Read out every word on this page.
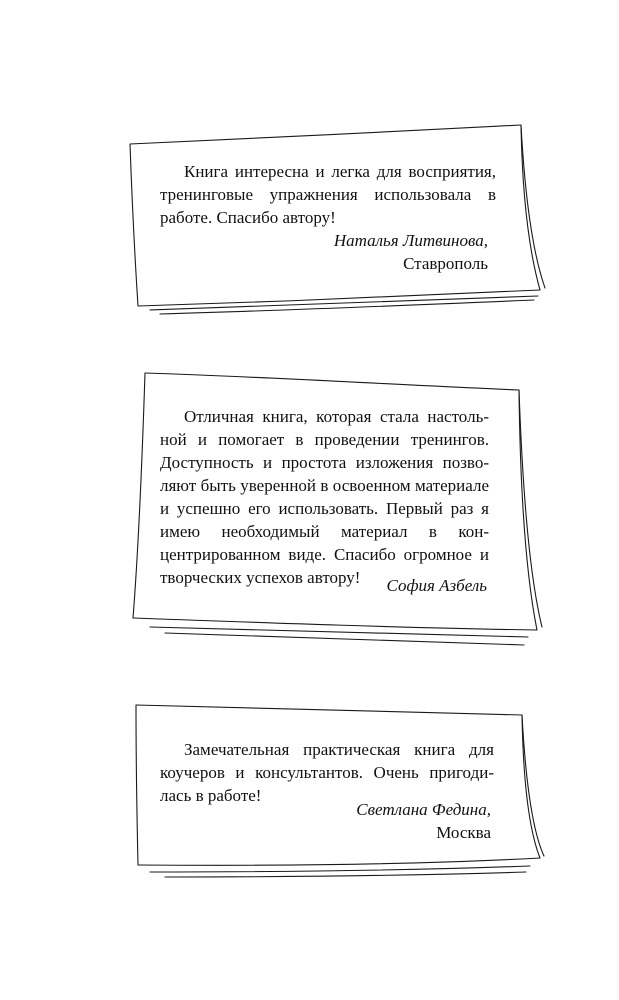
Книга интересна и легка для восприятия, тренинговые упражнения использовала в работе. Спасибо автору!
Наталья Литвинова,
Ставрополь
Отличная книга, которая стала настольной и помогает в проведении тренингов. Доступность и простота изложения позволяют быть уверенной в освоенном материале и успешно его использовать. Первый раз я имею необходимый материал в концентрированном виде. Спасибо огромное и творческих успехов автору!	София Азбель
Замечательная практическая книга для коучеров и консультантов. Очень пригодилась в работе!
Светлана Федина,
Москва
